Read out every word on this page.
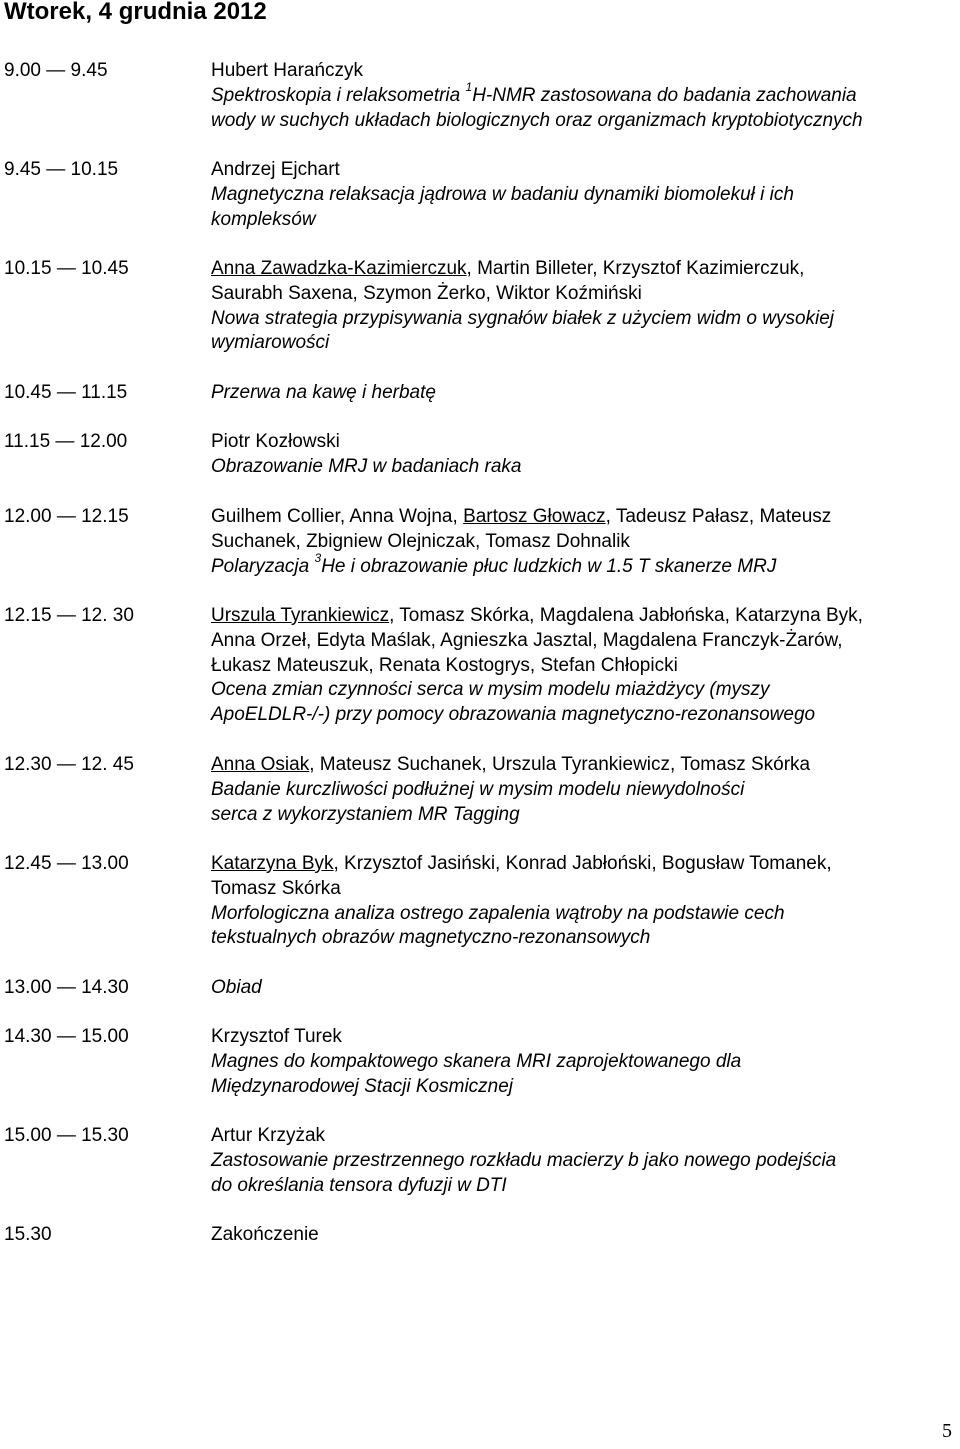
Wtorek, 4 grudnia 2012
9.00 — 9.45	Hubert Harańczyk
Spektroskopia i relaksometria $^1$H-NMR zastosowana do badania zachowania
wody w suchych układach biologicznych oraz organizmach kryptobiotycznych
9.45 — 10.15	Andrzej Ejchart
Magnetyczna relaksacja jądrowa w badaniu dynamiki biomolekuł i ich
kompleksów
10.15 — 10.45	Anna Zawadzka-Kazimierczuk, Martin Billeter, Krzysztof Kazimierczuk,
Saurabh Saxena, Szymon Żerko, Wiktor Koźmiński
Nowa strategia przypisywania sygnałów białek z użyciem widm o wysokiej
wymiarowości
10.45 — 11.15	Przerwa na kawę i herbatę
11.15 — 12.00	Piotr Kozłowski
Obrazowanie MRJ w badaniach raka
12.00 — 12.15	Guilhem Collier, Anna Wojna, Bartosz Głowacz, Tadeusz Pałasz, Mateusz
Suchanek, Zbigniew Olejniczak, Tomasz Dohnalik
Polaryzacja $^3$He i obrazowanie płuc ludzkich w 1.5 T skanerze MRJ
12.15 — 12. 30	Urszula Tyrankiewicz, Tomasz Skórka, Magdalena Jabłońska, Katarzyna Byk,
Anna Orzeł, Edyta Maślak, Agnieszka Jasztal, Magdalena Franczyk-Żarów,
Łukasz Mateuszuk, Renata Kostogrys, Stefan Chłopicki
Ocena zmian czynności serca w mysim modelu miażdżycy (myszy
ApoELDLR-/-) przy pomocy obrazowania magnetyczno-rezonansowego
12.30 — 12. 45	Anna Osiak, Mateusz Suchanek, Urszula Tyrankiewicz, Tomasz Skórka
Badanie kurczliwości podłużnej w mysim modelu niewydolności
serca z wykorzystaniem MR Tagging
12.45 — 13.00	Katarzyna Byk, Krzysztof Jasiński, Konrad Jabłoński, Bogusław Tomanek,
Tomasz Skórka
Morfologiczna analiza ostrego zapalenia wątroby na podstawie cech
tekstualnych obrazów magnetyczno-rezonansowych
13.00 — 14.30	Obiad
14.30 — 15.00	Krzysztof Turek
Magnes do kompaktowego skanera MRI zaprojektowanego dla
Międzynarodowej Stacji Kosmicznej
15.00 — 15.30	Artur Krzyżak
Zastosowanie przestrzennego rozkładu macierzy b jako nowego podejścia
do określania tensora dyfuzji w DTI
15.30	Zakończenie
5
